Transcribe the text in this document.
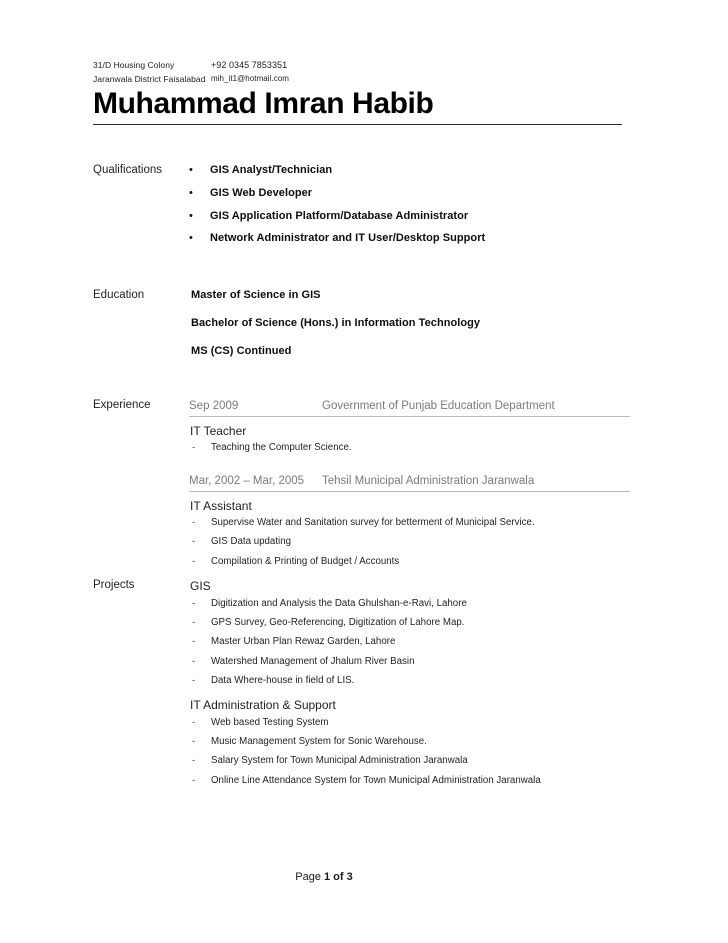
31/D Housing Colony
Jaranwala District Faisalabad
+92 0345 7853351
mih_it1@hotmail.com
Muhammad Imran Habib
Qualifications	•	GIS Analyst/Technician
•	GIS Web Developer
•	GIS Application Platform/Database Administrator
•	Network Administrator and IT User/Desktop Support
Education	Master of Science in GIS
Bachelor of Science (Hons.) in Information Technology
MS (CS) Continued
Experience	Sep 2009	Government of Punjab Education Department
IT Teacher
-	Teaching the Computer Science.
Mar, 2002 – Mar, 2005	Tehsil Municipal Administration Jaranwala
IT Assistant
-	Supervise Water and Sanitation survey for betterment of Municipal Service.
-	GIS Data updating
-	Compilation & Printing of Budget / Accounts
Projects	GIS
-	Digitization and Analysis the Data Ghulshan-e-Ravi, Lahore
-	GPS Survey, Geo-Referencing, Digitization of Lahore Map.
-	Master Urban Plan Rewaz Garden, Lahore
-	Watershed Management of Jhalum River Basin
-	Data Where-house in field of LIS.
IT Administration & Support
-	Web based Testing System
-	Music Management System for Sonic Warehouse.
-	Salary System for Town Municipal Administration Jaranwala
-	Online Line Attendance System for Town Municipal Administration Jaranwala
Page 1 of 3
